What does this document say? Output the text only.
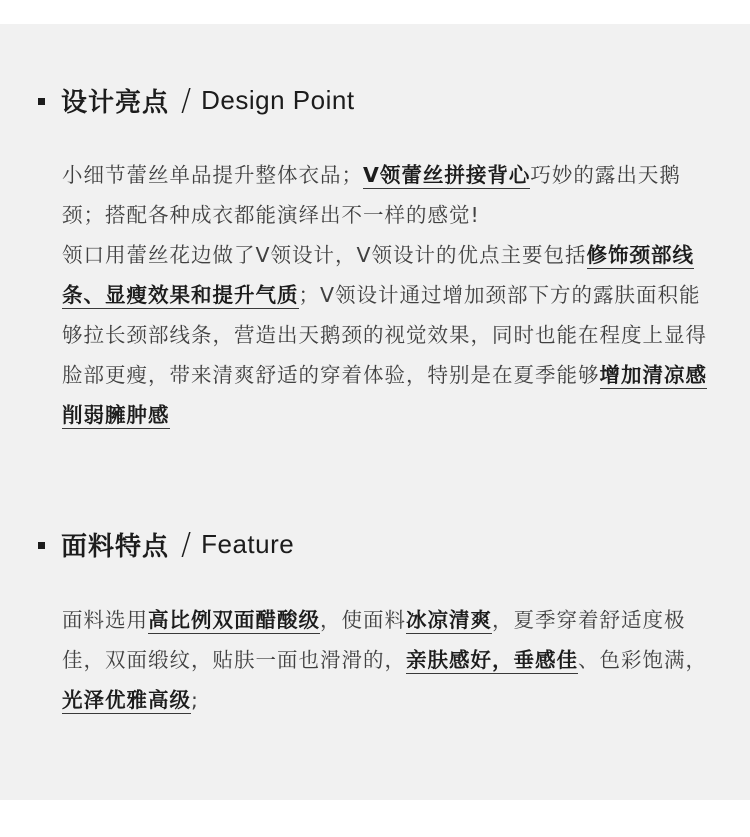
设计亮点 / Design Point
小细节蕾丝单品提升整体衣品；V领蕾丝拼接背心巧妙的露出天鹅颈；搭配各种成衣都能演绎出不一样的感觉!
领口用蕾丝花边做了V领设计，V领设计的优点主要包括修饰颈部线条、显瘦效果和提升气质；V领设计通过增加颈部下方的露肤面积能够拉长颈部线条，营造出天鹅颈的视觉效果，同时也能在程度上显得脸部更瘦，带来清爽舒适的穿着体验，特别是在夏季能够增加清凉感削弱臃肿感
面料特点 / Feature
面料选用高比例双面醋酸级，使面料冰凉清爽，夏季穿着舒适度极佳，双面缎纹，贴肤一面也滑滑的，亲肤感好，垂感佳、色彩饱满，光泽优雅高级;
